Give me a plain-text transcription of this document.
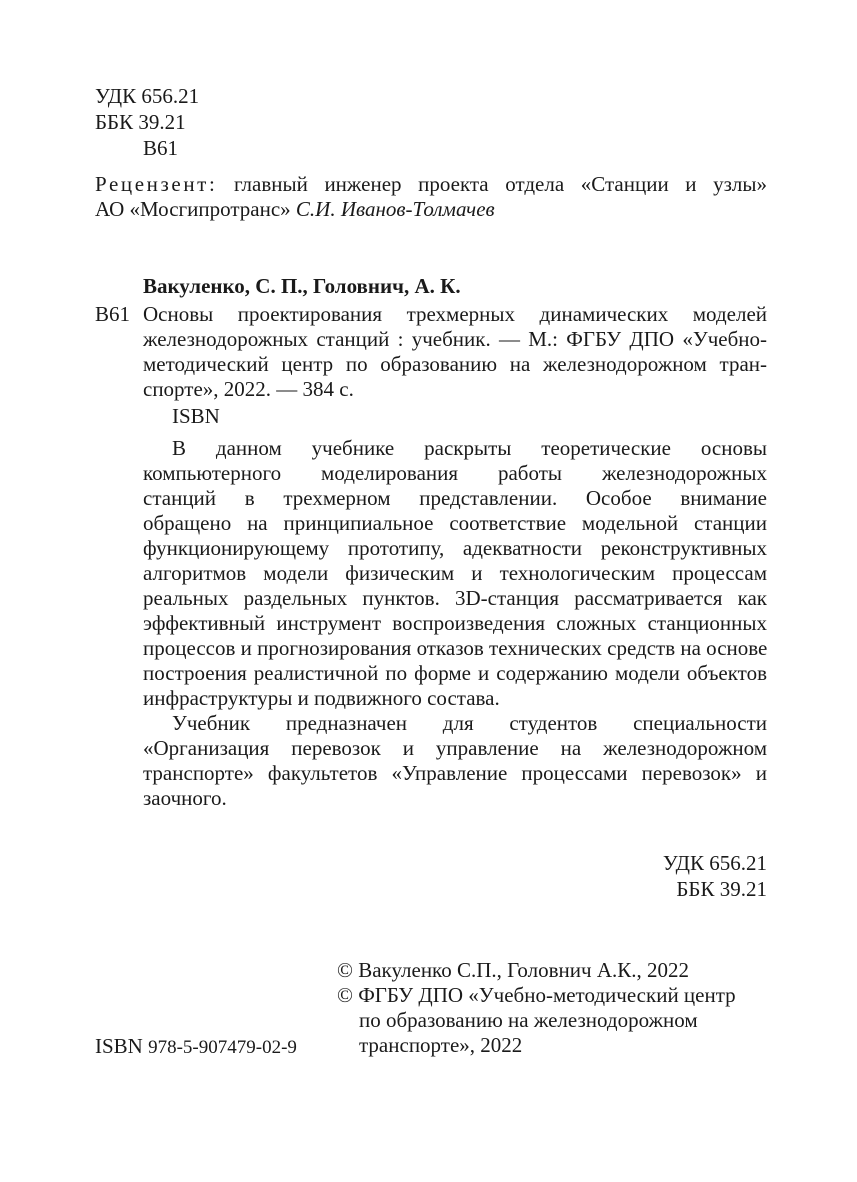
УДК 656.21

ББК 39.21

В61

Рецензент: главный инженер проекта отдела «Станции и узлы»
АО «Мосгипротранс» С.И. Иванов-Толмачев

Вакуленко, С. П., Головнич, А. К.

В61 Основы проектирования трехмерных динамических моделей
железнодорожных станций : учебник. — М.: ФГБУ ДПО «Учебно-
методический центр по образованию на железнодорожном тран-
спорте», 2022. — 384 с.

ISBN

В данном учебнике раскрыты теоретические основы
компьютерного моделирования работы железнодорожных
станций в трехмерном представлении. Особое внимание
обращено на принципиальное соответствие модельной станции
функционирующему прототипу, адекватности реконструктивных
алгоритмов модели физическим и технологическим процессам
реальных раздельных пунктов. 3D-станция рассматривается как
эффективный инструмент воспроизведения сложных станционных
процессов и прогнозирования отказов технических средств на основе
построения реалистичной по форме и содержанию модели объектов
инфраструктуры и подвижного состава.
Учебник предназначен для студентов специальности
«Организация перевозок и управление на железнодорожном
транспорте» факультетов «Управление процессами перевозок» и
заочного.

УДК 656.21

ББК 39.21

© Вакуленко С.П., Головнич А.К., 2022
© ФГБУ ДПО «Учебно-методический центр
по образованию на железнодорожном
транспорте», 2022

ISBN 978-5-907479-02-9
